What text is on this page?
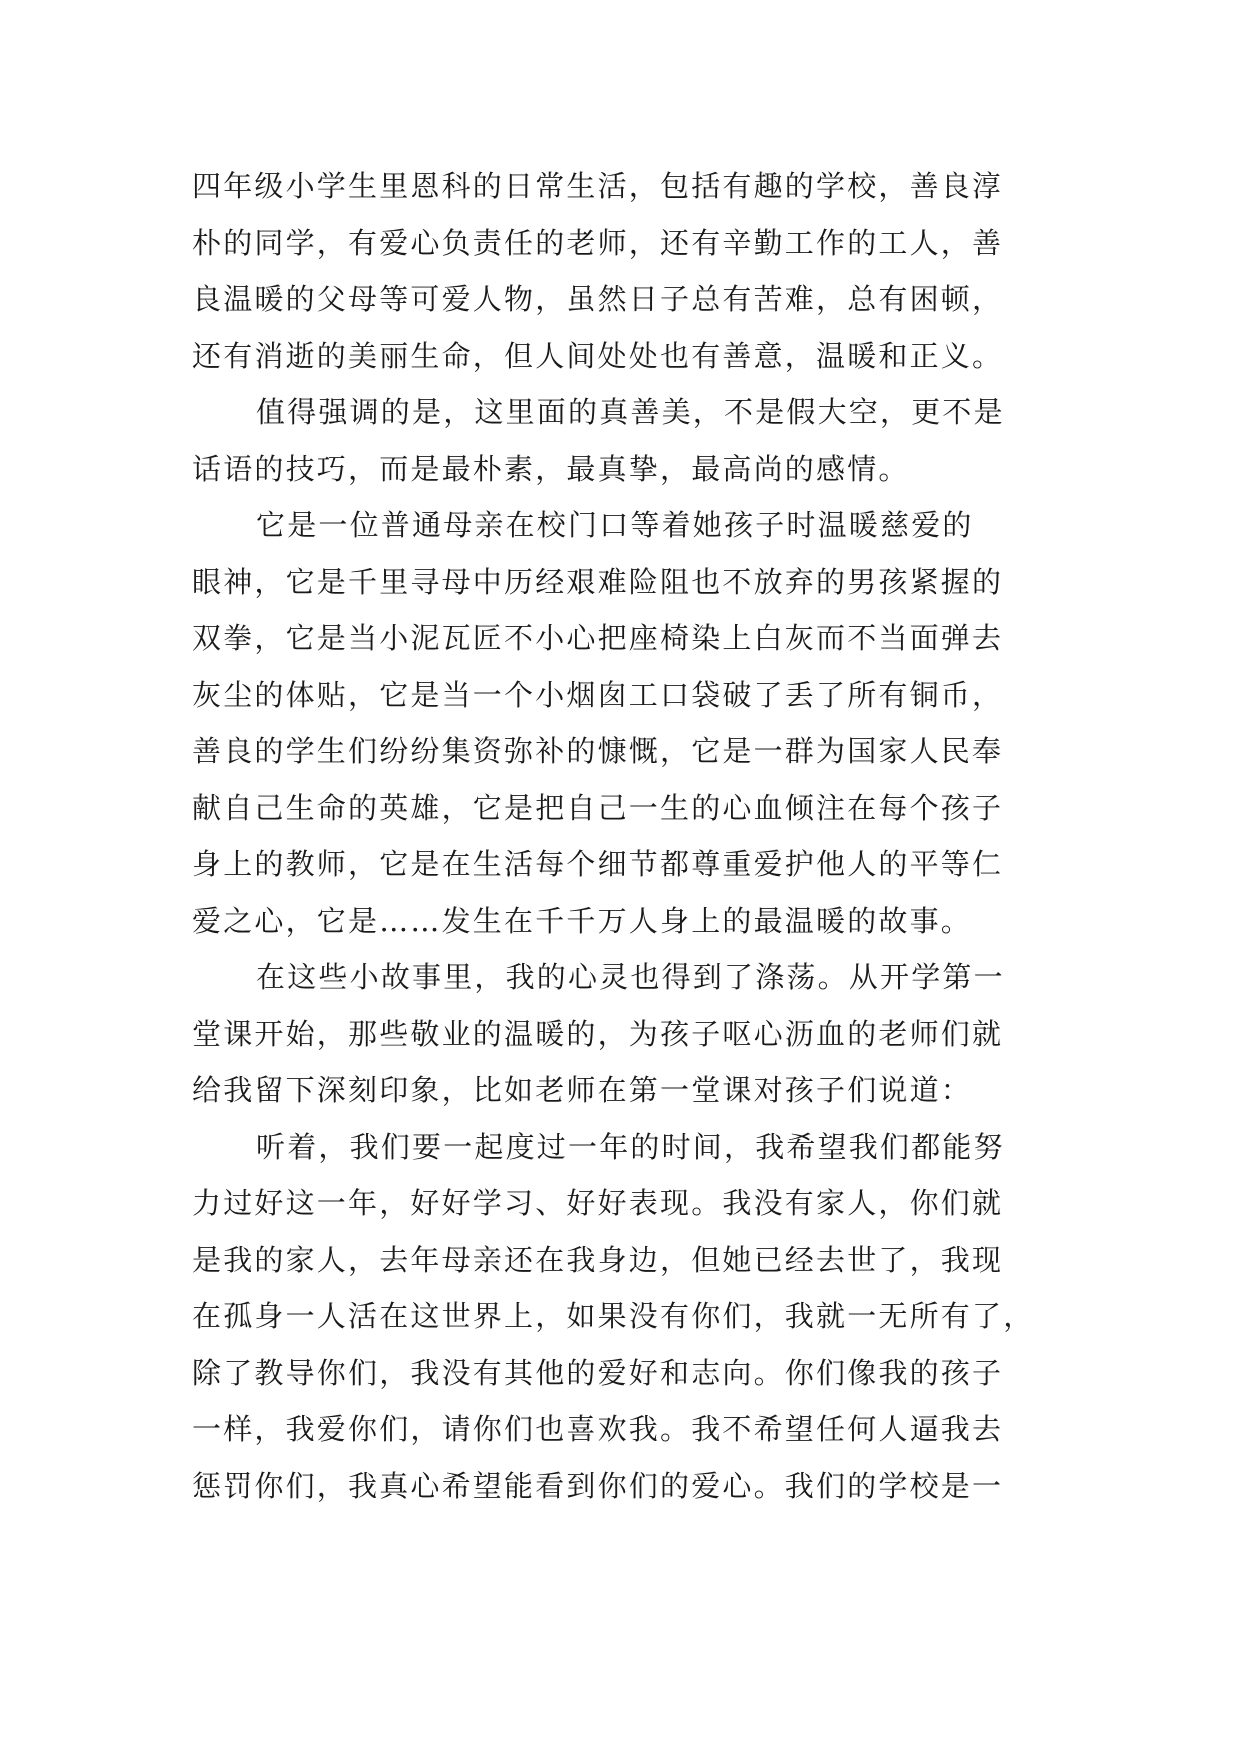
四年级小学生里恩科的日常生活，包括有趣的学校，善良淳
朴的同学，有爱心负责任的老师，还有辛勤工作的工人，善
良温暖的父母等可爱人物，虽然日子总有苦难，总有困顿，
还有消逝的美丽生命，但人间处处也有善意，温暖和正义。
值得强调的是，这里面的真善美，不是假大空，更不是
话语的技巧，而是最朴素，最真挚，最高尚的感情。
它是一位普通母亲在校门口等着她孩子时温暖慈爱的
眼神，它是千里寻母中历经艰难险阻也不放弃的男孩紧握的
双拳，它是当小泥瓦匠不小心把座椅染上白灰而不当面弹去
灰尘的体贴，它是当一个小烟囱工口袋破了丢了所有铜币，
善良的学生们纷纷集资弥补的慷慨，它是一群为国家人民奉
献自己生命的英雄，它是把自己一生的心血倾注在每个孩子
身上的教师，它是在生活每个细节都尊重爱护他人的平等仁
爱之心，它是……发生在千千万人身上的最温暖的故事。
在这些小故事里，我的心灵也得到了涤荡。从开学第一
堂课开始，那些敬业的温暖的，为孩子呕心沥血的老师们就
给我留下深刻印象，比如老师在第一堂课对孩子们说道：
听着，我们要一起度过一年的时间，我希望我们都能努
力过好这一年，好好学习、好好表现。我没有家人，你们就
是我的家人，去年母亲还在我身边，但她已经去世了，我现
在孤身一人活在这世界上，如果没有你们，我就一无所有了，
除了教导你们，我没有其他的爱好和志向。你们像我的孩子
一样，我爱你们，请你们也喜欢我。我不希望任何人逼我去
惩罚你们，我真心希望能看到你们的爱心。我们的学校是一
